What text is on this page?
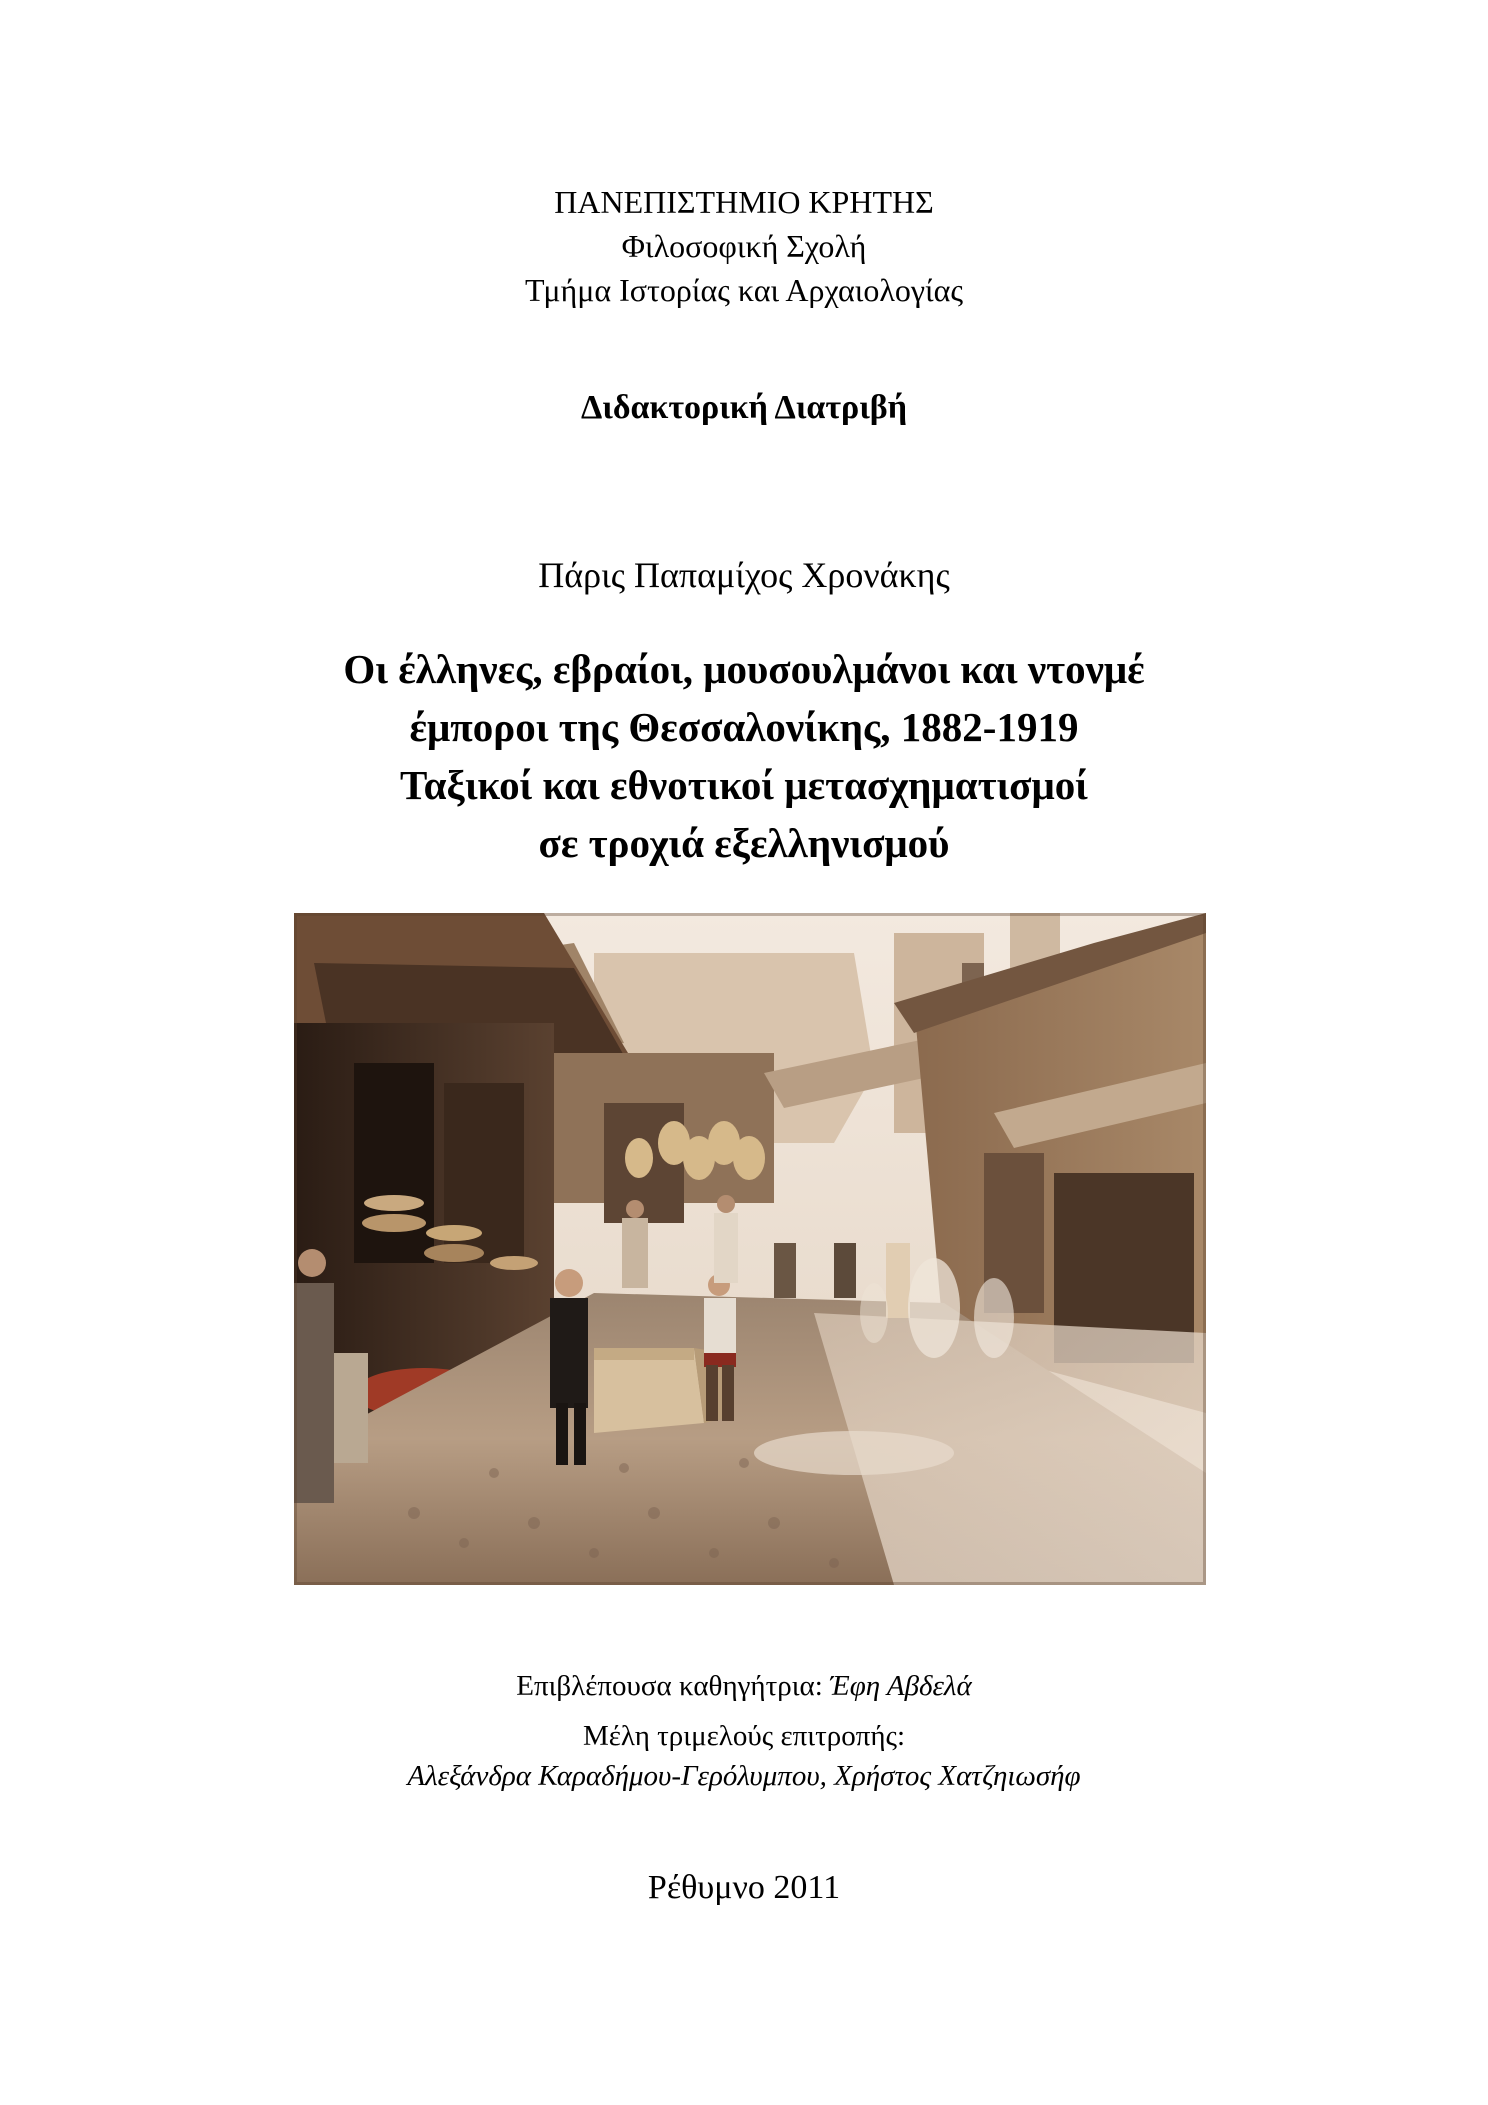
ΠΑΝΕΠΙΣΤΗΜΙΟ ΚΡΗΤΗΣ
Φιλοσοφική Σχολή
Τμήμα Ιστορίας και Αρχαιολογίας
Διδακτορική Διατριβή
Πάρις Παπαμίχος Χρονάκης
Οι έλληνες, εβραίοι, μουσουλμάνοι και ντονμέ
έμποροι της Θεσσαλονίκης, 1882-1919
Ταξικοί και εθνοτικοί μετασχηματισμοί
σε τροχιά εξελληνισμού
Επιβλέπουσα καθηγήτρια: Έφη Αβδελά
Μέλη τριμελούς επιτροπής:
Αλεξάνδρα Καραδήμου-Γερόλυμπου, Χρήστος Χατζηιωσήφ
Ρέθυμνο 2011
